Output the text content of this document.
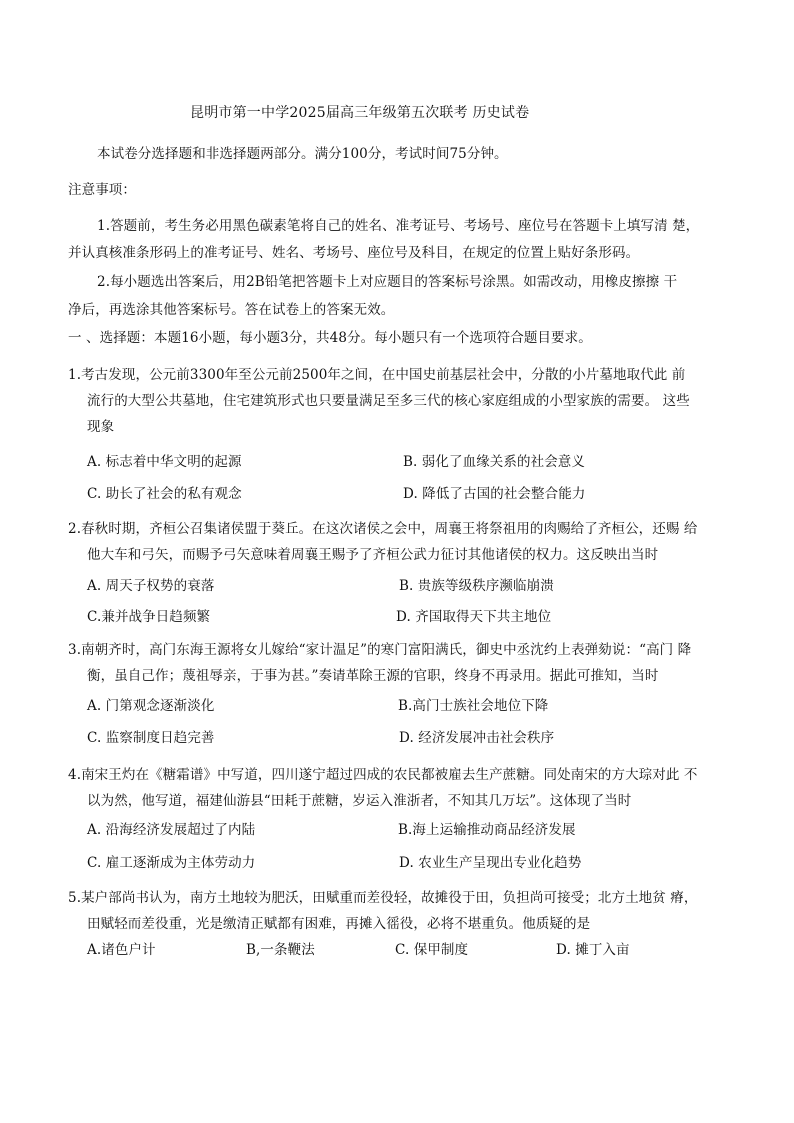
昆明市第一中学2025届高三年级第五次联考 历史试卷

本试卷分选择题和非选择题两部分。满分100分，考试时间75分钟。

注意事项：

1.答题前，考生务必用黑色碳素笔将自己的姓名、准考证号、考场号、座位号在答题卡上填写清 楚，

并认真核准条形码上的准考证号、姓名、考场号、座位号及科目，在规定的位置上贴好条形码。

2.每小题选出答案后，用2B铅笔把答题卡上对应题目的答案标号涂黑。如需改动，用橡皮擦擦 干

净后，再选涂其他答案标号。答在试卷上的答案无效。

一 、选择题：本题16小题，每小题3分，共48分。每小题只有一个选项符合题目要求。

1.考古发现，公元前3300年至公元前2500年之间，在中国史前基层社会中，分散的小片墓地取代此 前

流行的大型公共墓地，住宅建筑形式也只要量满足至多三代的核心家庭组成的小型家族的需要。 这些

现象

A. 标志着中华文明的起源	B. 弱化了血缘关系的社会意义

C. 助长了社会的私有观念	D. 降低了古国的社会整合能力

2.春秋时期，齐桓公召集诸侯盟于葵丘。在这次诸侯之会中，周襄王将祭祖用的肉赐给了齐桓公，还赐 给

他大车和弓矢，而赐予弓矢意味着周襄王赐予了齐桓公武力征讨其他诸侯的权力。这反映出当时

A. 周天子权势的衰落	B. 贵族等级秩序濒临崩溃

C.兼并战争日趋频繁	D. 齐国取得天下共主地位

3.南朝齐时，高门东海王源将女儿嫁给“家计温足”的寒门富阳满氏，御史中丞沈约上表弹劾说：“高门 降

衡，虽自己作；蔑祖辱亲，于事为甚。”奏请革除王源的官职，终身不再录用。据此可推知，当时

A. 门第观念逐渐淡化	B.高门士族社会地位下降

C. 监察制度日趋完善	D. 经济发展冲击社会秩序

4.南宋王灼在《糖霜谱》中写道，四川遂宁超过四成的农民都被雇去生产蔗糖。同处南宋的方大琮对此 不

以为然，他写道，福建仙游县“田耗于蔗糖，岁运入淮浙者，不知其几万坛”。这体现了当时

A. 沿海经济发展超过了内陆	B.海上运输推动商品经济发展

C. 雇工逐渐成为主体劳动力	D. 农业生产呈现出专业化趋势

5.某户部尚书认为，南方土地较为肥沃，田赋重而差役轻，故摊役于田，负担尚可接受；北方土地贫 瘠，

田赋轻而差役重，光是缴清正赋都有困难，再摊入徭役，必将不堪重负。他质疑的是

A.诸色户计	B,一条鞭法	C. 保甲制度	D. 摊丁入亩
